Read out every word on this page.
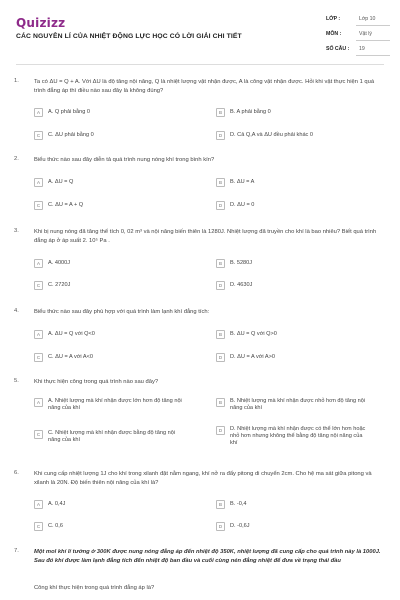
Quizizz
CÁC NGUYÊN LÍ CỦA NHIỆT ĐỘNG LỰC HỌC CÓ LỜI GIẢI CHI TIẾT
LỚP :	Lớp 10
MÔN :	Vật lý
SỐ CÂU : 19
1.	Ta có ΔU = Q + A. Với ΔU là độ tăng nội năng, Q là nhiệt lượng vật nhận được, A là công vật nhận được. Hỏi khi vật thực hiện 1 quá trình đẳng áp thì điều nào sau đây là không đúng?
A	A. Q phải bằng 0	B	B. A phải bằng 0
C	C. ΔU phải bằng 0	D	D. Cả Q,A và ΔU đều phải khác 0
2.	Biểu thức nào sau đây diễn tả quá trình nung nóng khí trong bình kín?
A	A. ΔU = Q	B	B. ΔU = A
C	C. ΔU = A + Q	D	D. ΔU = 0
3.	Khi bị nung nóng đã tăng thể tích 0, 02 m³ và nội năng biến thiên là 1280J. Nhiệt lượng đã truyền cho khí là bao nhiêu? Biết quá trình đẳng áp ở áp suất 2. 10⁵ Pa .
A	A. 4000J	B	B. 5280J
C	C. 2720J	D	D. 4630J
4.	Biểu thức nào sau đây phù hợp với quá trình làm lạnh khí đẳng tích:
A	A. ΔU = Q với Q<0	B	B. ΔU = Q với Q>0
C	C. ΔU = A với A<0	D	D. ΔU = A với A>0
5.	Khi thực hiện công trong quá trình nào sau đây?
A	A. Nhiệt lượng mà khí nhận được lớn hơn độ tăng nội năng của khí
B	B. Nhiệt lượng mà khí nhận được nhỏ hơn độ tăng nội năng của khí
C	C. Nhiệt lượng mà khí nhận được bằng độ tăng nội năng của khí
D	D. Nhiệt lượng mà khí nhận được có thể lớn hơn hoặc nhỏ hơn nhưng không thể bằng độ tăng nội năng của khí
6.	Khi cung cấp nhiệt lượng 1J cho khí trong xilanh đặt nằm ngang, khí nở ra đẩy pitong di chuyển 2cm. Cho hệ ma sát giữa pitong và xilanh là 20N. Độ biến thiên nội năng của khí là?
A	A. 0,4J	B	B. -0,4
C	C. 0,6	D	D. -0,6J
7.	Một mol khí lí tưởng ở 300K được nung nóng đẳng áp đến nhiệt độ 350K, nhiệt lượng đã cung cấp cho quá trình này là 1000J. Sau đó khí được làm lạnh đẳng tích đến nhiệt độ ban đầu và cuối cùng nén đẳng nhiệt để đưa về trạng thái đầu
Công khí thực hiện trong quá trình đẳng áp là?
